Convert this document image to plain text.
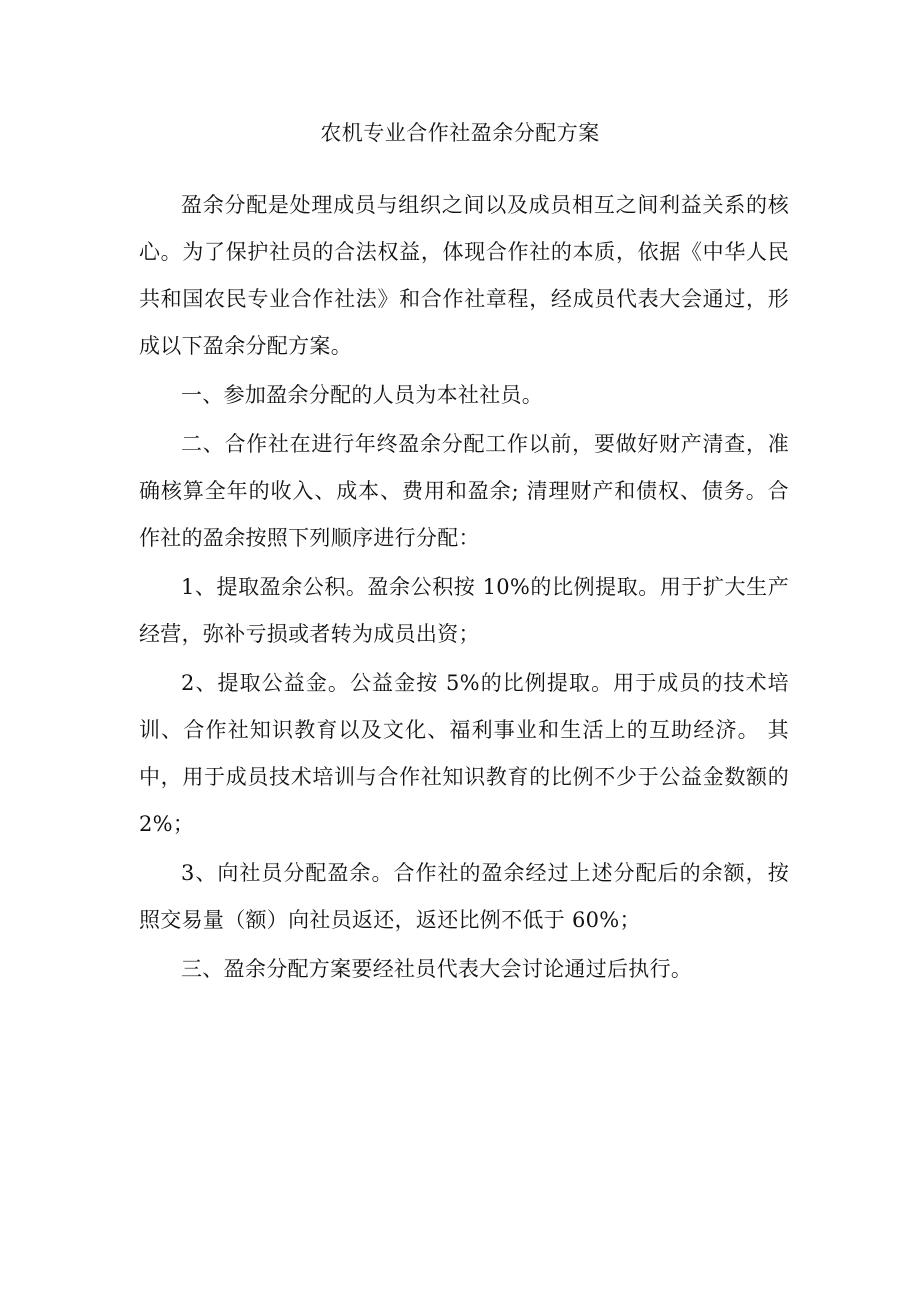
农机专业合作社盈余分配方案

盈余分配是处理成员与组织之间以及成员相互之间利益关系的核心。为了保护社员的合法权益，体现合作社的本质，依据《中华人民共和国农民专业合作社法》和合作社章程，经成员代表大会通过，形成以下盈余分配方案。

一、参加盈余分配的人员为本社社员。

二、合作社在进行年终盈余分配工作以前，要做好财产清查，准确核算全年的收入、成本、费用和盈余; 清理财产和债权、债务。合作社的盈余按照下列顺序进行分配：

1、提取盈余公积。盈余公积按 10%的比例提取。用于扩大生产经营，弥补亏损或者转为成员出资；

2、提取公益金。公益金按 5%的比例提取。用于成员的技术培训、合作社知识教育以及文化、福利事业和生活上的互助经济。 其中，用于成员技术培训与合作社知识教育的比例不少于公益金数额的2%；

3、向社员分配盈余。合作社的盈余经过上述分配后的余额，按照交易量（额）向社员返还，返还比例不低于 60%；

三、盈余分配方案要经社员代表大会讨论通过后执行。
